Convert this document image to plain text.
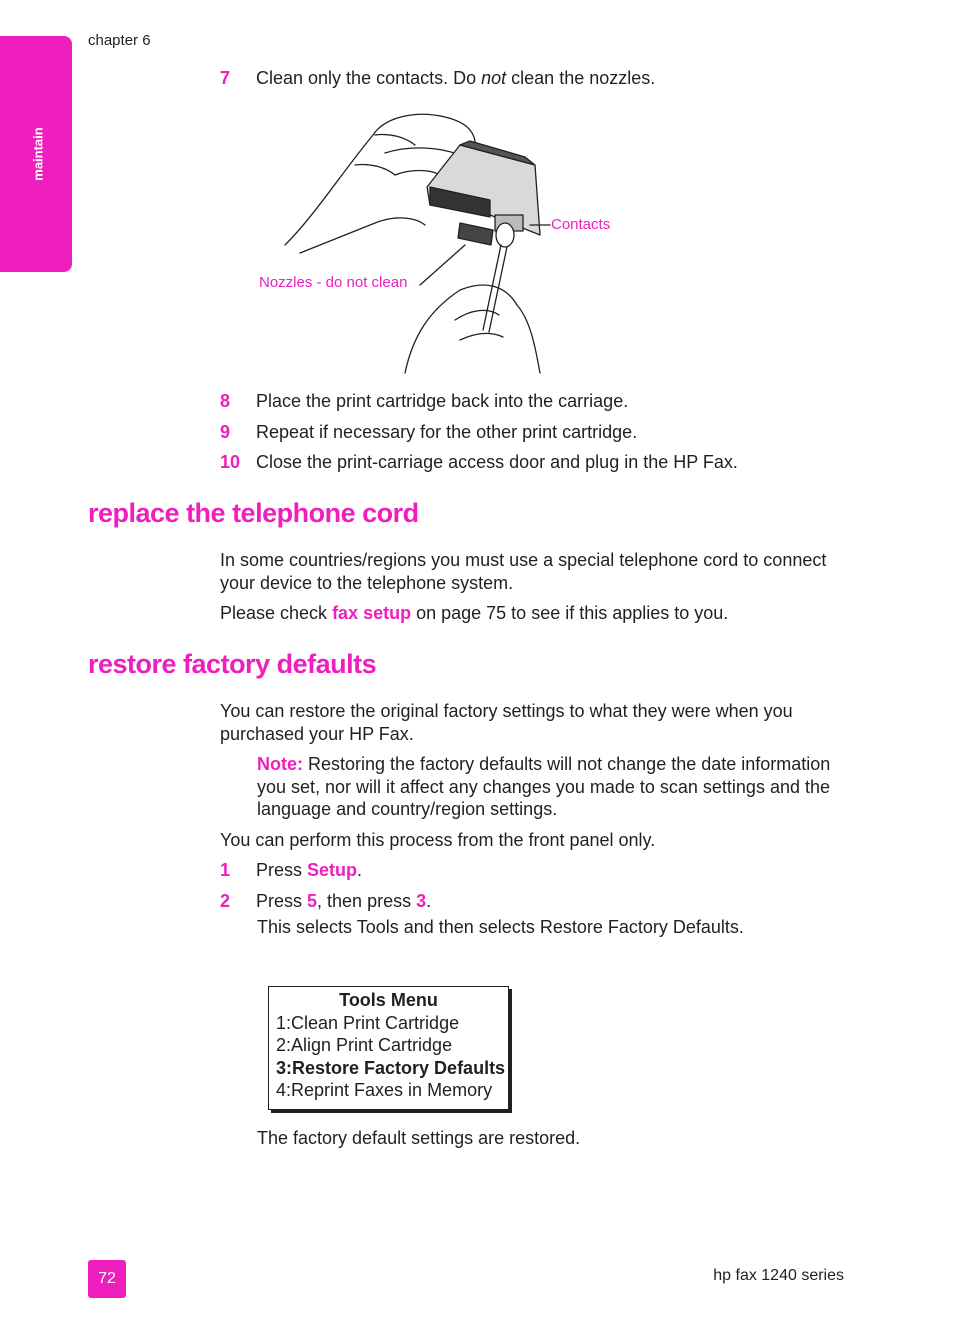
maintain
chapter 6
7 Clean only the contacts. Do not clean the nozzles.
Contacts
Nozzles - do not clean
8 Place the print cartridge back into the carriage.
9 Repeat if necessary for the other print cartridge.
10 Close the print-carriage access door and plug in the HP Fax.
replace the telephone cord
In some countries/regions you must use a special telephone cord to connect your device to the telephone system.
Please check fax setup on page 75 to see if this applies to you.
restore factory defaults
You can restore the original factory settings to what they were when you purchased your HP Fax.
Note: Restoring the factory defaults will not change the date information you set, nor will it affect any changes you made to scan settings and the language and country/region settings.
You can perform this process from the front panel only.
1 Press Setup.
2 Press 5, then press 3.
This selects Tools and then selects Restore Factory Defaults.
Tools Menu
1:Clean Print Cartridge
2:Align Print Cartridge
3:Restore Factory Defaults
4:Reprint Faxes in Memory
The factory default settings are restored.
72	hp fax 1240 series
